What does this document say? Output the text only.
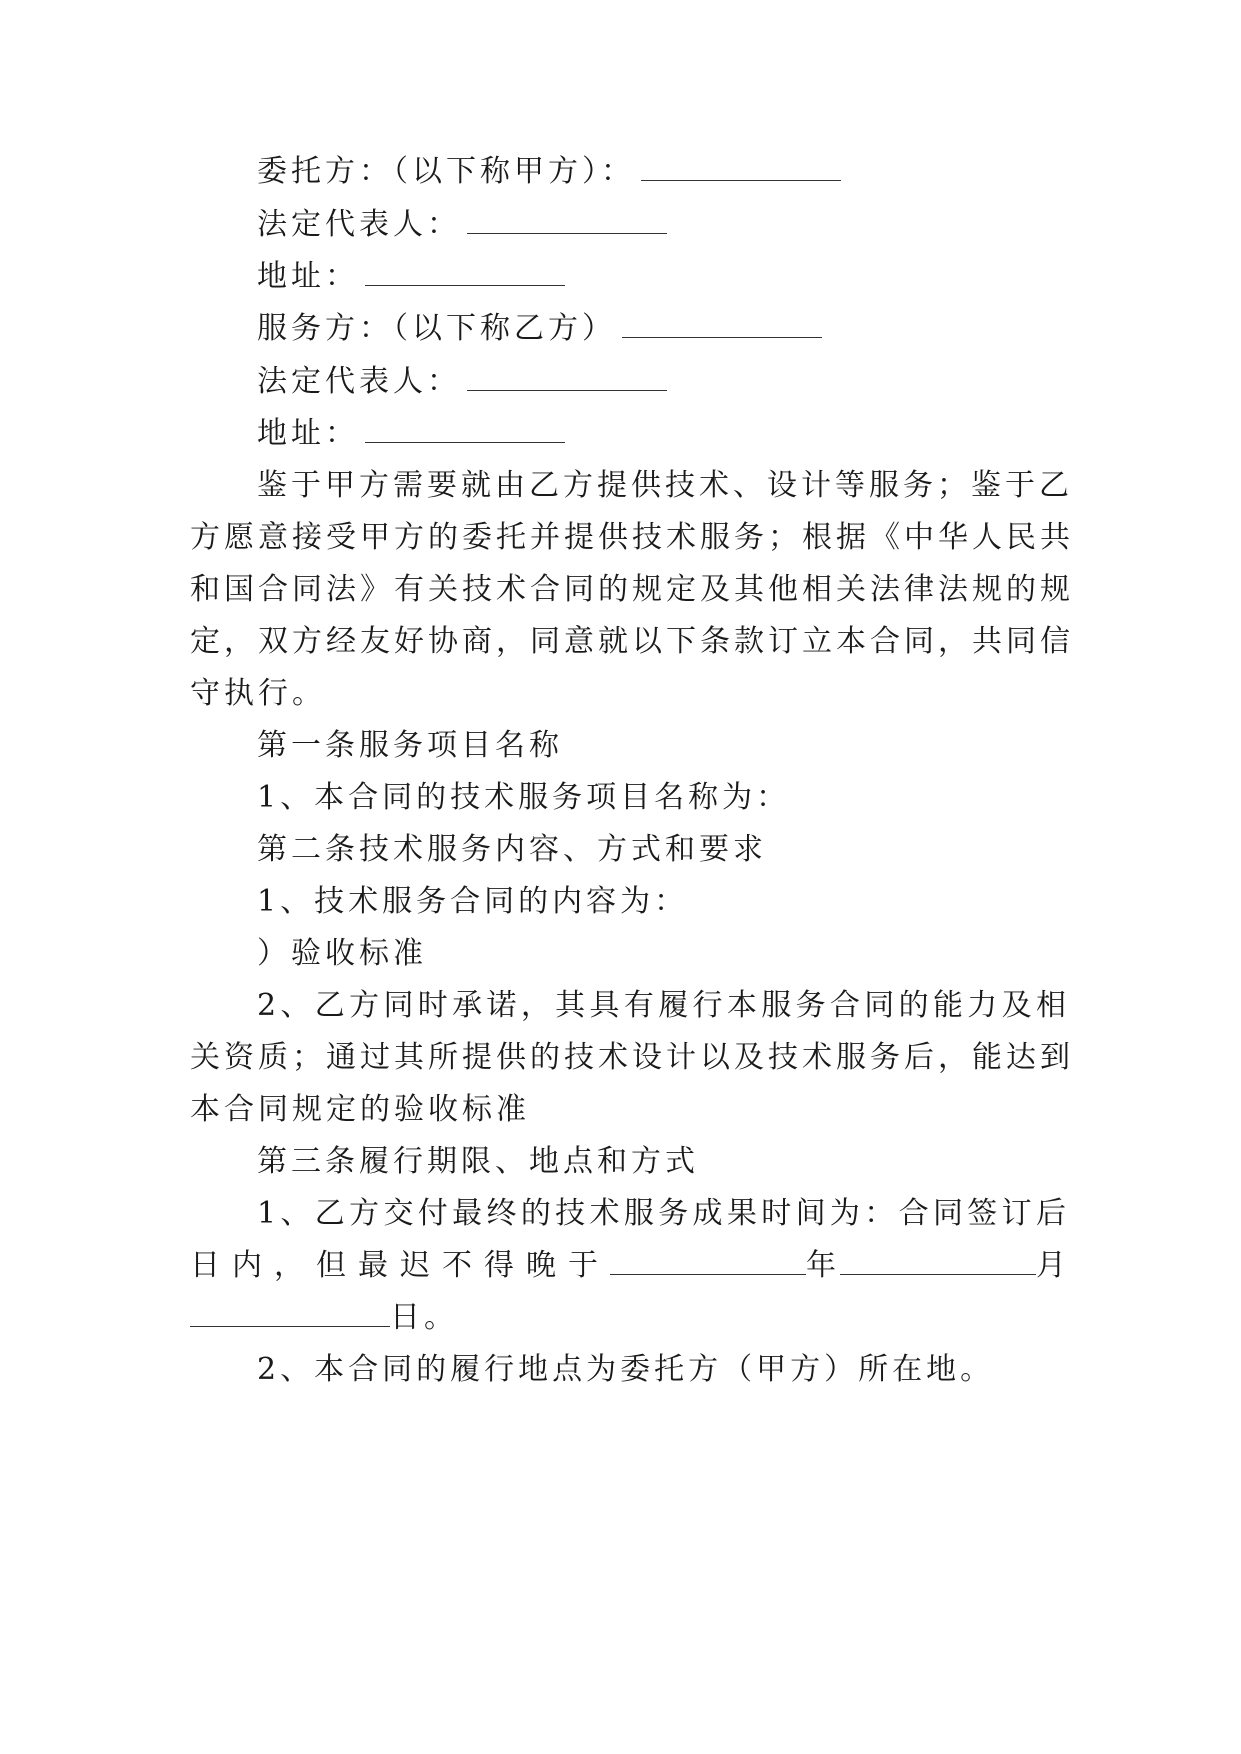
委托方：（以下称甲方）：
法定代表人：
地址：
服务方：（以下称乙方）
法定代表人：
地址：
鉴于甲方需要就由乙方提供技术、设计等服务；鉴于乙
方愿意接受甲方的委托并提供技术服务；根据《中华人民共
和国合同法》有关技术合同的规定及其他相关法律法规的规
定，双方经友好协商，同意就以下条款订立本合同，共同信
守执行。
第一条服务项目名称
1、本合同的技术服务项目名称为：
第二条技术服务内容、方式和要求
1、技术服务合同的内容为：
）验收标准
2、乙方同时承诺，其具有履行本服务合同的能力及相
关资质；通过其所提供的技术设计以及技术服务后，能达到
本合同规定的验收标准
第三条履行期限、地点和方式
1、乙方交付最终的技术服务成果时间为：合同签订后
日内，但最迟不得晚于	年	月
日。
2、本合同的履行地点为委托方（甲方）所在地。
